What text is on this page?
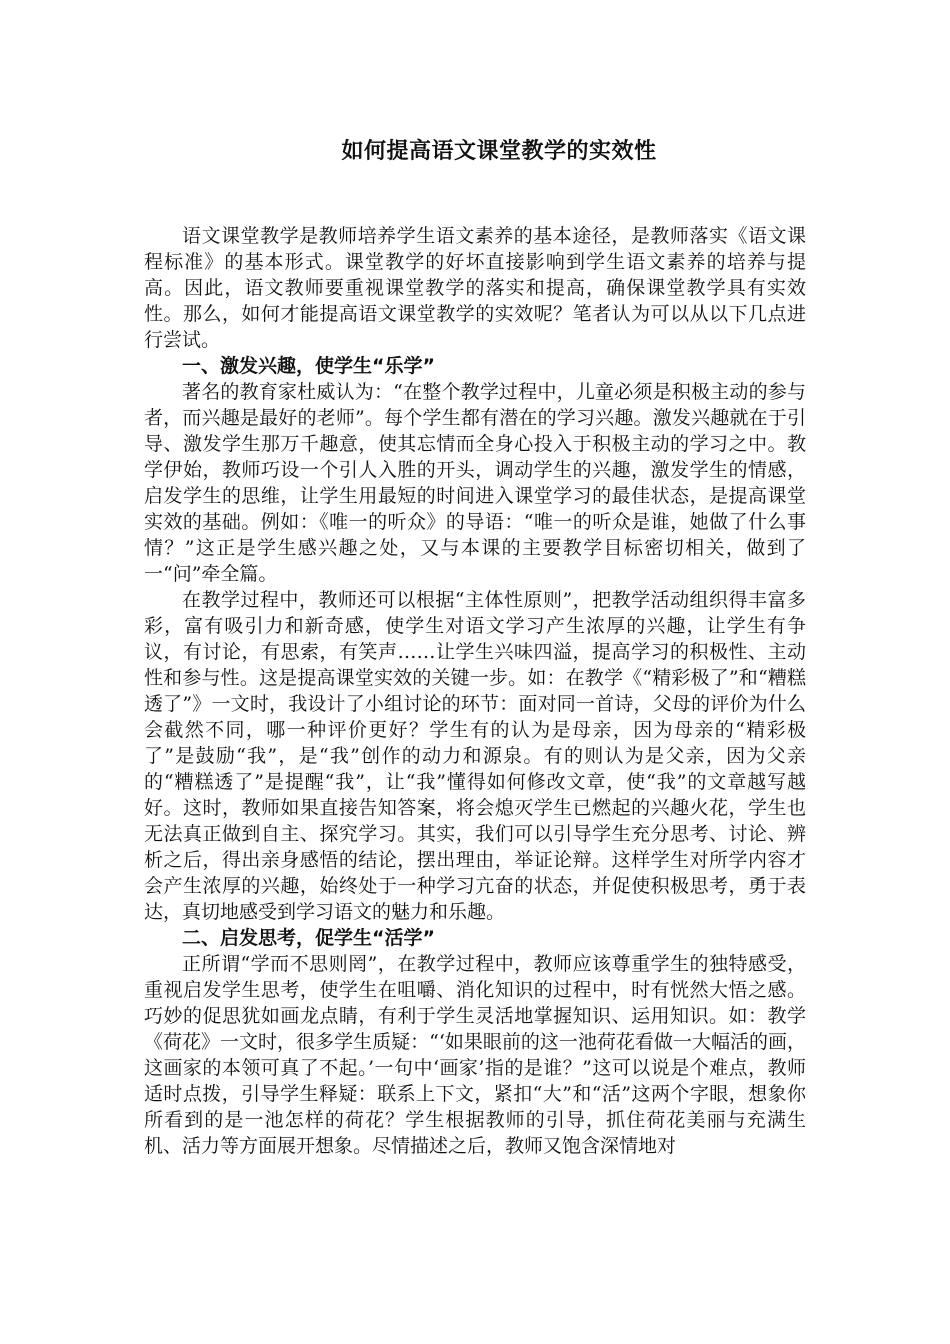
如何提高语文课堂教学的实效性

语文课堂教学是教师培养学生语文素养的基本途径，是教师落实《语文课程标准》的基本形式。课堂教学的好坏直接影响到学生语文素养的培养与提高。因此，语文教师要重视课堂教学的落实和提高，确保课堂教学具有实效性。那么，如何才能提高语文课堂教学的实效呢？笔者认为可以从以下几点进行尝试。

一、激发兴趣，使学生“乐学”

著名的教育家杜威认为：“在整个教学过程中，儿童必须是积极主动的参与者，而兴趣是最好的老师”。每个学生都有潜在的学习兴趣。激发兴趣就在于引导、激发学生那万千趣意，使其忘情而全身心投入于积极主动的学习之中。教学伊始，教师巧设一个引人入胜的开头，调动学生的兴趣，激发学生的情感，启发学生的思维，让学生用最短的时间进入课堂学习的最佳状态，是提高课堂实效的基础。例如：《唯一的听众》的导语：“唯一的听众是谁，她做了什么事情？”这正是学生感兴趣之处，又与本课的主要教学目标密切相关，做到了 一“问”牵全篇。

在教学过程中，教师还可以根据“主体性原则”，把教学活动组织得丰富多彩，富有吸引力和新奇感，使学生对语文学习产生浓厚的兴趣，让学生有争议，有讨论，有思索，有笑声……让学生兴味四溢，提高学习的积极性、主动性和参与性。这是提高课堂实效的关键一步。如：在教学《“精彩极了”和“糟糕透了”》一文时，我设计了小组讨论的环节：面对同一首诗，父母的评价为什么会截然不同，哪一种评价更好？学生有的认为是母亲，因为母亲的“精彩极了”是鼓励“我”，是“我”创作的动力和源泉。有的则认为是父亲，因为父亲的“糟糕透了”是提醒“我”，让“我”懂得如何修改文章，使“我”的文章越写越好。这时，教师如果直接告知答案，将会熄灭学生已燃起的兴趣火花，学生也无法真正做到自主、探究学习。其实，我们可以引导学生充分思考、讨论、辨析之后，得出亲身感悟的结论，摆出理由，举证论辩。这样学生对所学内容才会产生浓厚的兴趣，始终处于一种学习亢奋的状态，并促使积极思考，勇于表达，真切地感受到学习语文的魅力和乐趣。

二、启发思考，促学生“活学”

正所谓“学而不思则罔”，在教学过程中，教师应该尊重学生的独特感受，重视启发学生思考，使学生在咀嚼、消化知识的过程中，时有恍然大悟之感。巧妙的促思犹如画龙点睛，有利于学生灵活地掌握知识、运用知识。如：教学《荷花》一文时，很多学生质疑：“‘如果眼前的这一池荷花看做一大幅活的画，这画家的本领可真了不起。’一句中‘画家’指的是谁？”这可以说是个难点，教师适时点拨，引导学生释疑：联系上下文，紧扣“大”和“活”这两个字眼，想象你所看到的是一池怎样的荷花？学生根据教师的引导，抓住荷花美丽与充满生机、活力等方面展开想象。尽情描述之后，教师又饱含深情地对
